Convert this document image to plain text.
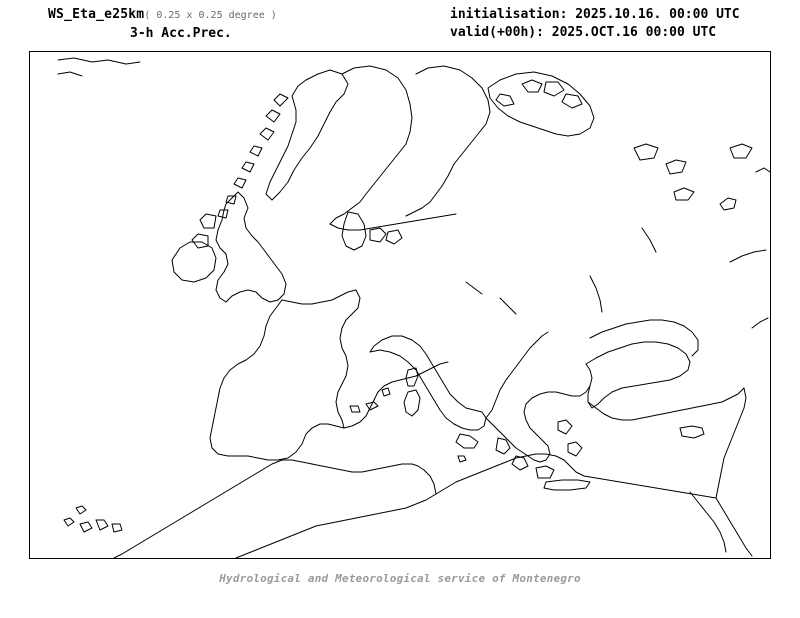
WS_Eta_e25km( 0.25 x 0.25 degree )
3-h Acc.Prec.
initialisation: 2025.10.16. 00:00 UTC
valid(+00h): 2025.OCT.16 00:00 UTC
Hydrological and Meteorological service of Montenegro
